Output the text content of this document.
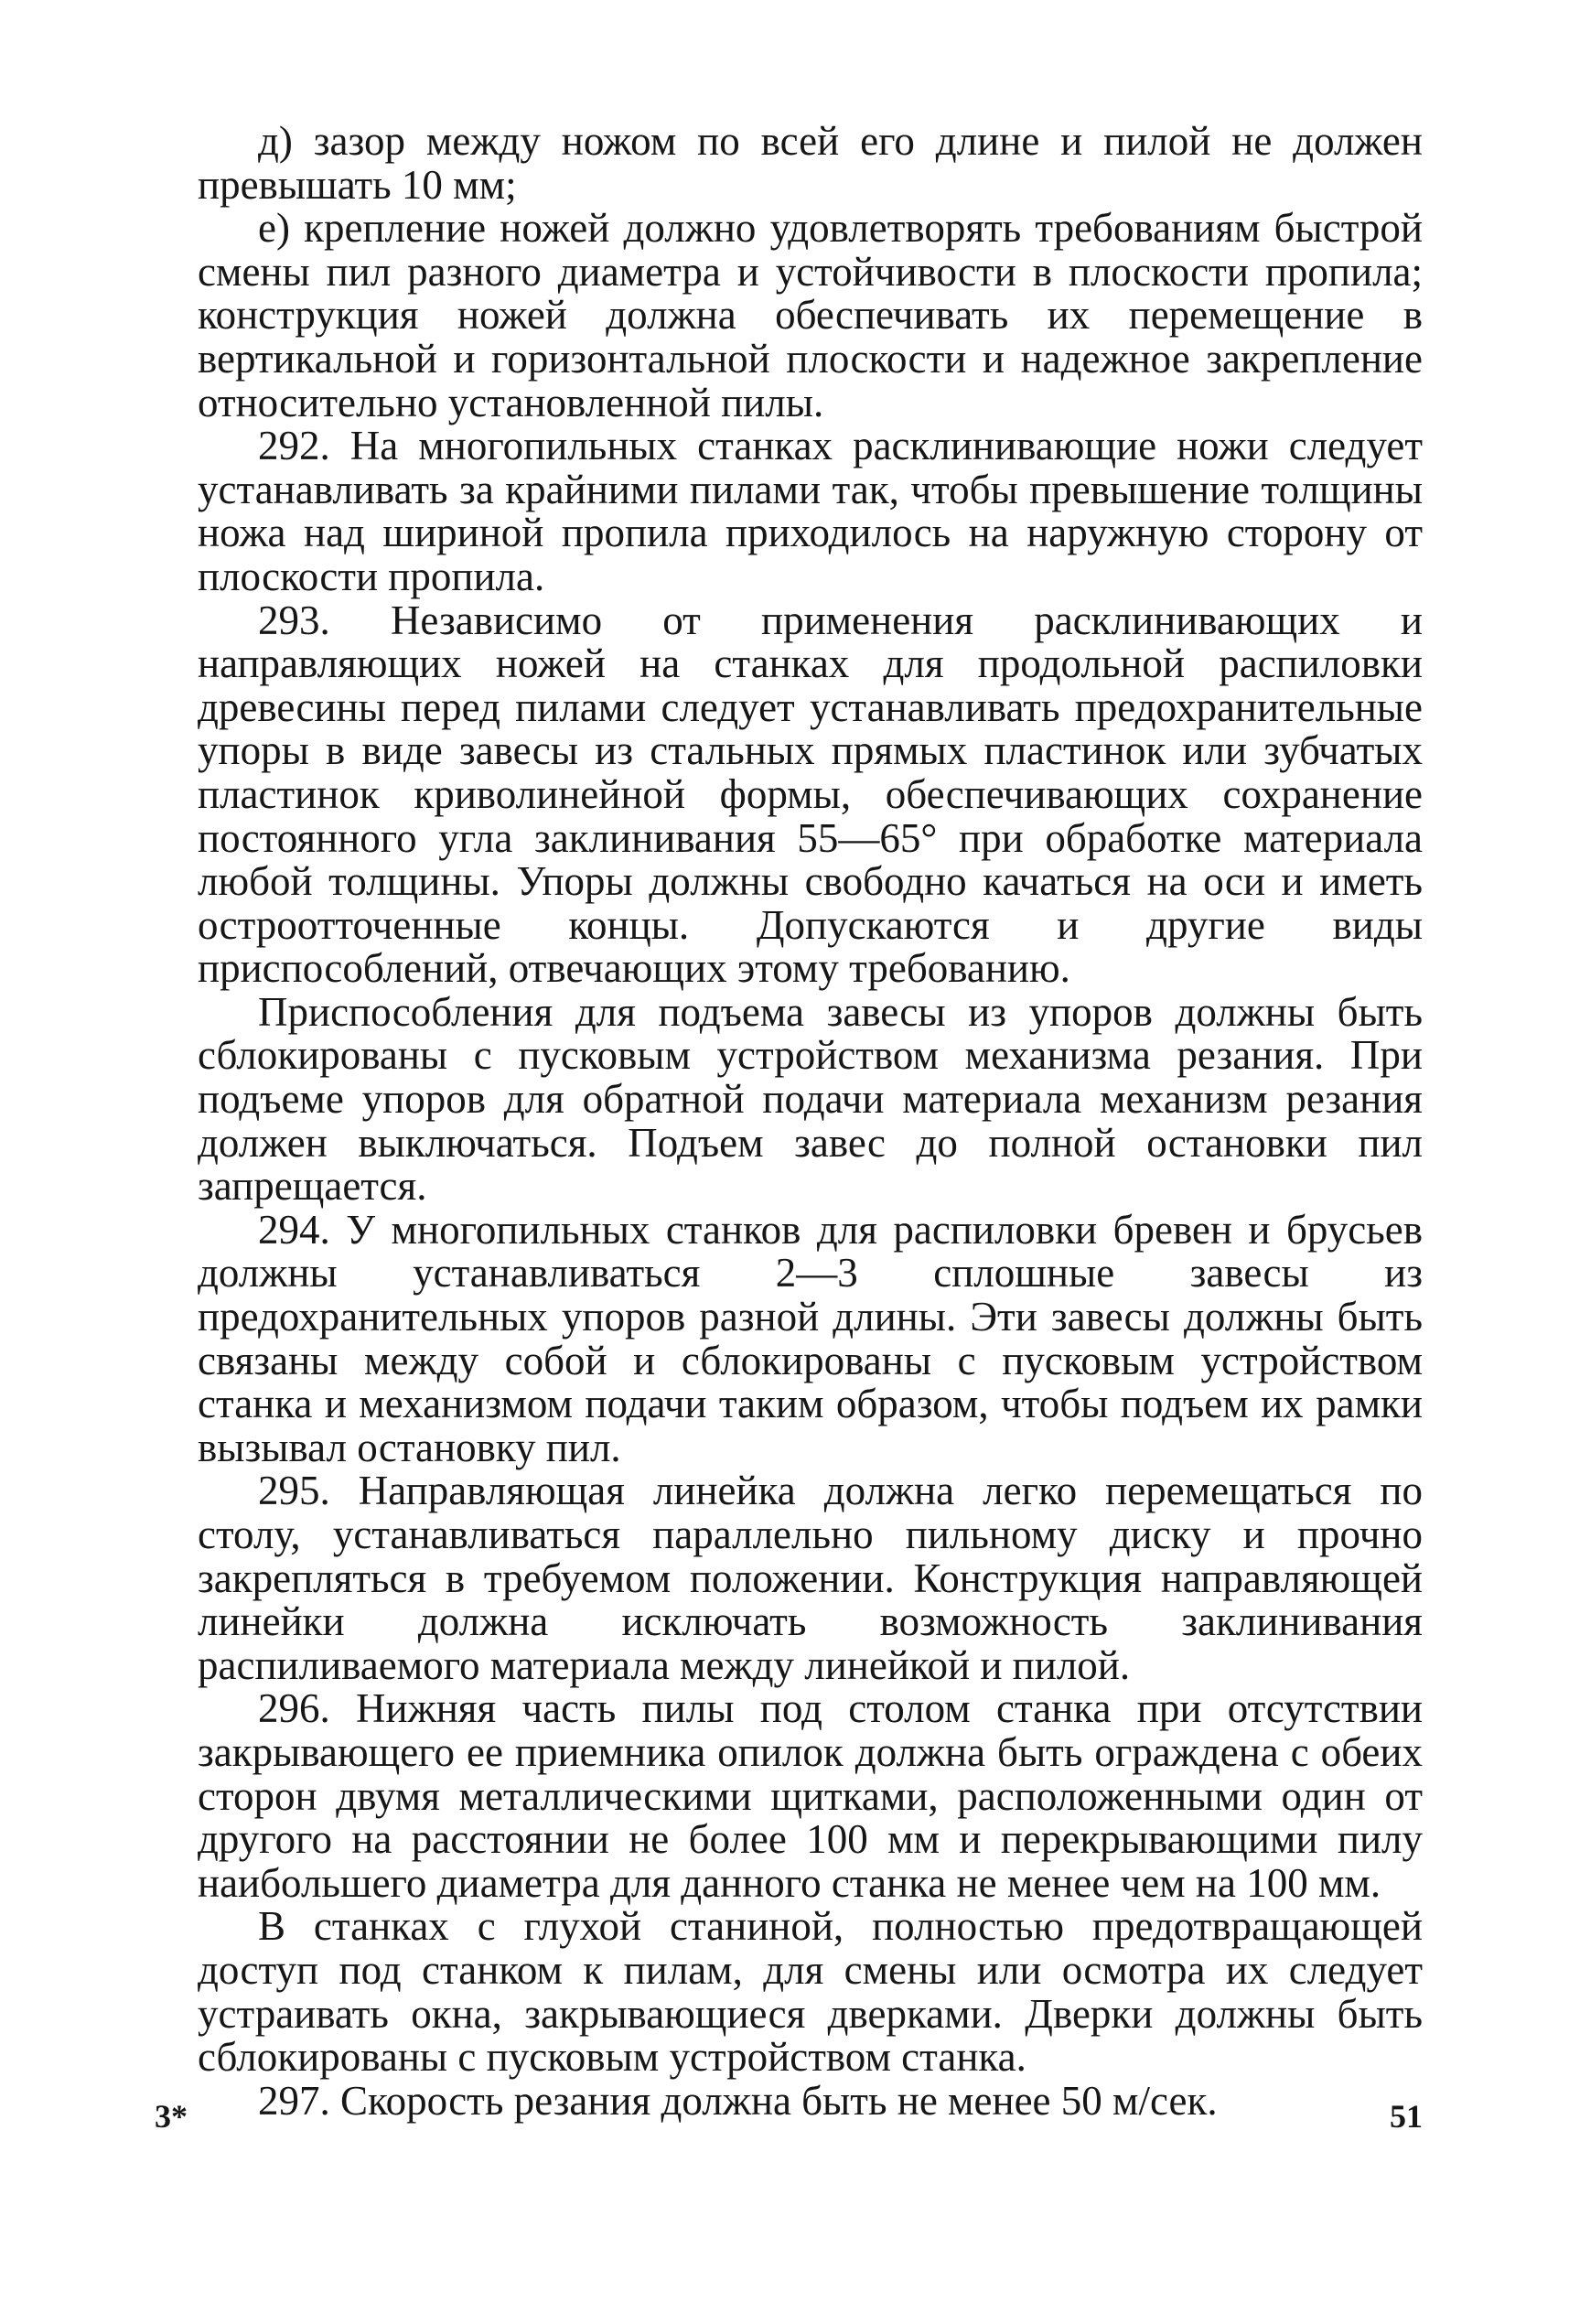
д) зазор между ножом по всей его длине и пилой не должен превышать 10 мм;

е) крепление ножей должно удовлетворять требованиям быстрой смены пил разного диаметра и устойчивости в плоскости пропила; конструкция ножей должна обеспечивать их перемещение в вертикальной и горизонтальной плоскости и надежное закрепление относительно установленной пилы.

292. На многопильных станках расклинивающие ножи следует устанавливать за крайними пилами так, чтобы превышение толщины ножа над шириной пропила приходилось на наружную сторону от плоскости пропила.

293. Независимо от применения расклинивающих и направляющих ножей на станках для продольной распиловки древесины перед пилами следует устанавливать предохранительные упоры в виде завесы из стальных прямых пластинок или зубчатых пластинок криволинейной формы, обеспечивающих сохранение постоянного угла заклинивания 55—65° при обработке материала любой толщины. Упоры должны свободно качаться на оси и иметь остроотточенные концы. Допускаются и другие виды приспособлений, отвечающих этому требованию.

Приспособления для подъема завесы из упоров должны быть сблокированы с пусковым устройством механизма резания. При подъеме упоров для обратной подачи материала механизм резания должен выключаться. Подъем завес до полной остановки пил запрещается.

294. У многопильных станков для распиловки бревен и брусьев должны устанавливаться 2—3 сплошные завесы из предохранительных упоров разной длины. Эти завесы должны быть связаны между собой и сблокированы с пусковым устройством станка и механизмом подачи таким образом, чтобы подъем их рамки вызывал остановку пил.

295. Направляющая линейка должна легко перемещаться по столу, устанавливаться параллельно пильному диску и прочно закрепляться в требуемом положении. Конструкция направляющей линейки должна исключать возможность заклинивания распиливаемого материала между линейкой и пилой.

296. Нижняя часть пилы под столом станка при отсутствии закрывающего ее приемника опилок должна быть ограждена с обеих сторон двумя металлическими щитками, расположенными один от другого на расстоянии не более 100 мм и перекрывающими пилу наибольшего диаметра для данного станка не менее чем на 100 мм.

В станках с глухой станиной, полностью предотвращающей доступ под станком к пилам, для смены или осмотра их следует устраивать окна, закрывающиеся дверками. Дверки должны быть сблокированы с пусковым устройством станка.

297. Скорость резания должна быть не менее 50 м/сек.

3*	51
